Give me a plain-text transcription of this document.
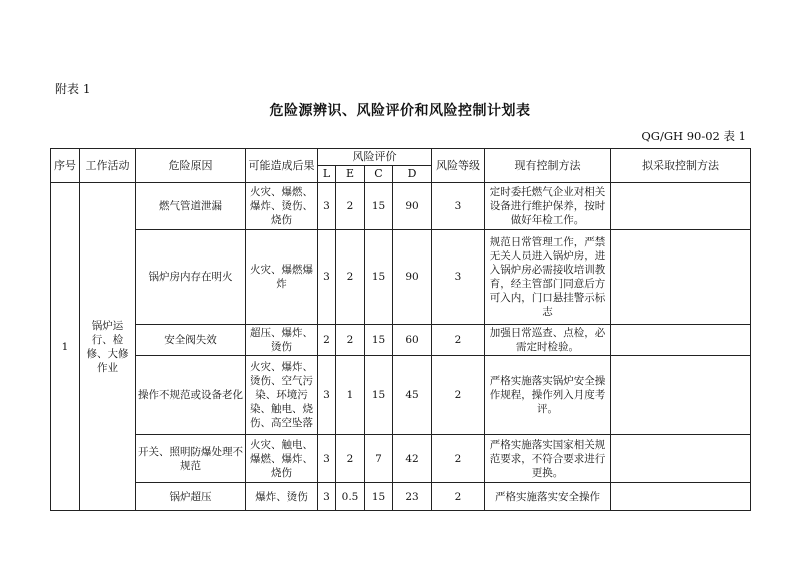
附表 1
危险源辨识、风险评价和风险控制计划表
QG/GH 90-02 表 1
序号	工作活动	危险原因	可能造成后果	风险评价				风险等级	现有控制方法	拟采取控制方法
				L	E	C	D			
1	锅炉运行、检修、大修作业	燃气管道泄漏	火灾、爆燃、爆炸、烫伤、烧伤	3	2	15	90	3	定时委托燃气企业对相关设备进行维护保养，按时做好年检工作。	
		锅炉房内存在明火	火灾、爆燃爆炸	3	2	15	90	3	规范日常管理工作，严禁无关人员进入锅炉房，进入锅炉房必需接收培训教育，经主管部门同意后方可入内，门口悬挂警示标志	
		安全阀失效	超压、爆炸、烫伤	2	2	15	60	2	加强日常巡查、点检，必需定时检验。	
		操作不规范或设备老化	火灾、爆炸、烫伤、空气污染、环境污染、触电、烧伤、高空坠落	3	1	15	45	2	严格实施落实锅炉安全操作规程，操作列入月度考评。	
		开关、照明防爆处理不规范	火灾、触电、爆燃、爆炸、烧伤	3	2	7	42	2	严格实施落实国家相关规范要求，不符合要求进行更换。	
		锅炉超压	爆炸、烫伤	3	0.5	15	23	2	严格实施落实安全操作	
